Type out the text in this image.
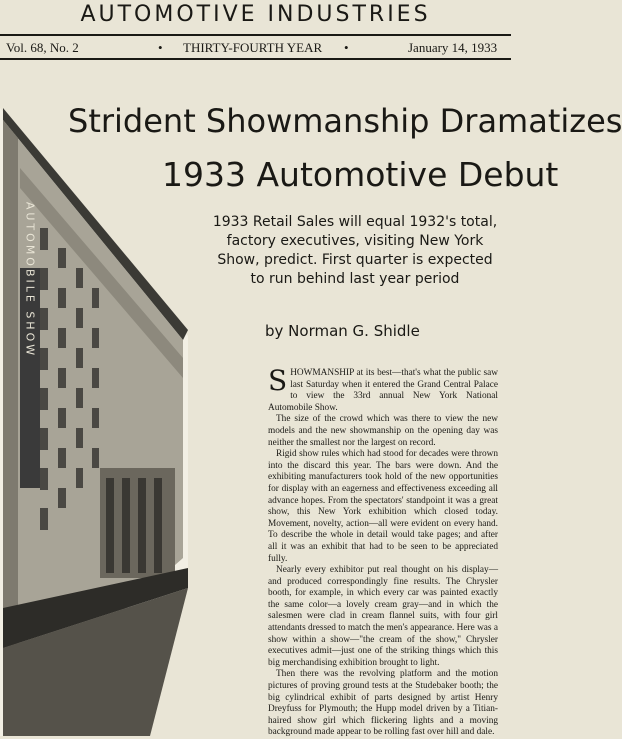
AUTOMOTIVE INDUSTRIES
Vol. 68, No. 2	• THIRTY-FOURTH YEAR •	January 14, 1933
Strident Showmanship Dramatizes
1933 Automotive Debut
1933 Retail Sales will equal 1932's total,
factory executives, visiting New York
Show, predict. First quarter is expected
to run behind last year period
by Norman G. Shidle
AUTOMOBILE SHOW

SHOWMANSHIP at its best—that's what the public saw last Saturday when it entered the Grand Central Palace to view the 33rd annual New York National Automobile Show.

The size of the crowd which was there to view the new models and the new showmanship on the opening day was neither the smallest nor the largest on record.

Rigid show rules which had stood for decades were thrown into the discard this year. The bars were down. And the exhibiting manufacturers took hold of the new opportunities for display with an eagerness and effectiveness exceeding all advance hopes. From the spectators' standpoint it was a great show, this New York exhibition which closed today. Movement, novelty, action—all were evident on every hand. To describe the whole in detail would take pages; and after all it was an exhibit that had to be seen to be appreciated fully.

Nearly every exhibitor put real thought on his display—and produced correspondingly fine results. The Chrysler booth, for example, in which every car was painted exactly the same color—a lovely cream gray—and in which the salesmen were clad in cream flannel suits, with four girl attendants dressed to match the men's appearance. Here was a show within a show—"the cream of the show," Chrysler executives admit—just one of the striking things which this big merchandising exhibition brought to light.

Then there was the revolving platform and the motion pictures of proving ground tests at the Studebaker booth; the big cylindrical exhibit of parts designed by artist Henry Dreyfuss for Plymouth; the Hupp model driven by a Titian-haired show girl which flickering lights and a moving background made appear to be rolling fast over hill and dale.
